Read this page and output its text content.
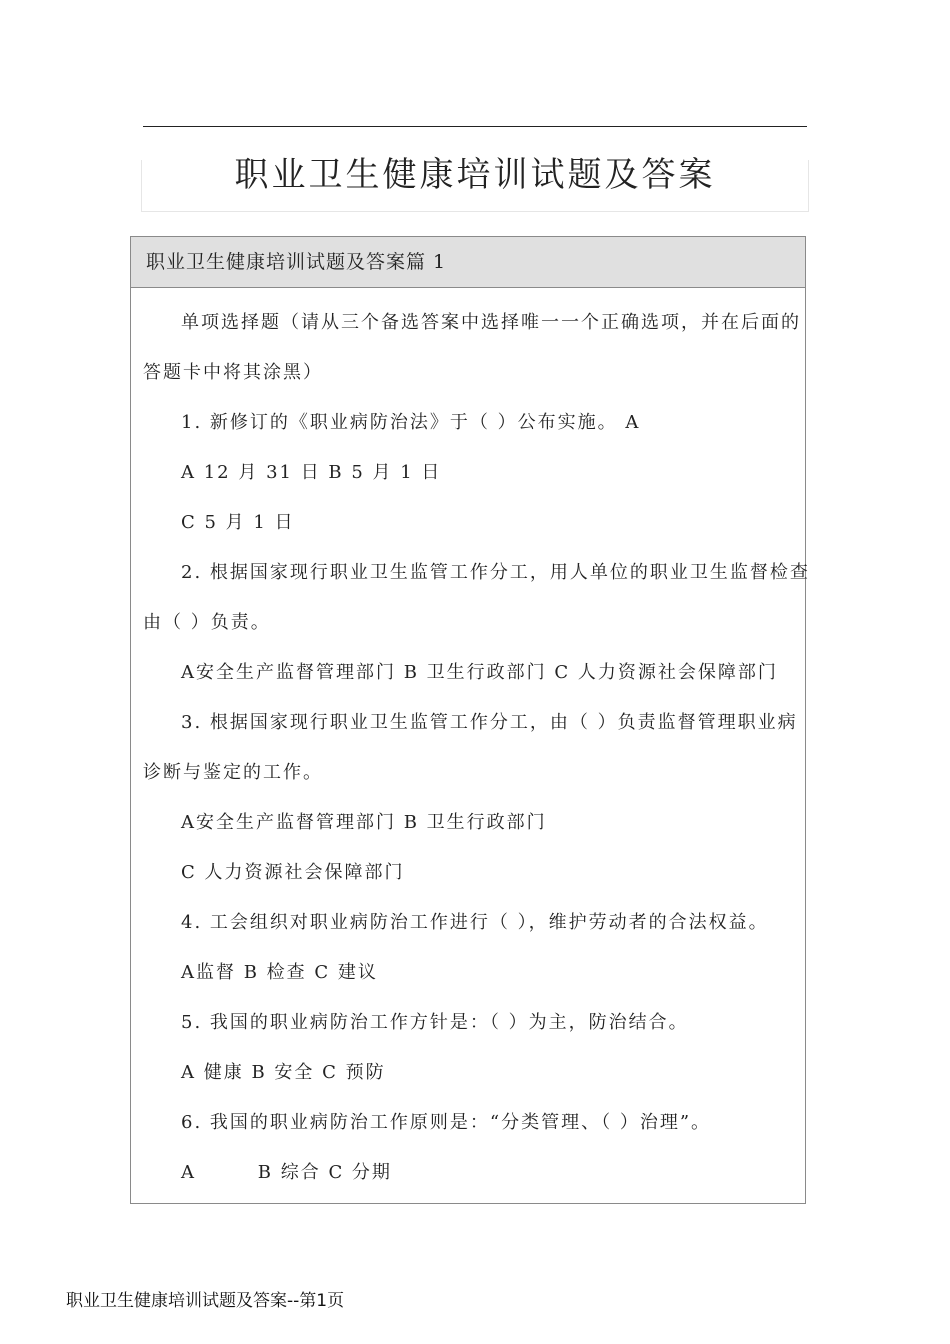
职业卫生健康培训试题及答案
职业卫生健康培训试题及答案篇 1
单项选择题（请从三个备选答案中选择唯一一个正确选项，并在后面的
答题卡中将其涂黑）
1. 新修订的《职业病防治法》于（ ）公布实施。 A
A 12 月 31 日 B 5 月 1 日
C 5 月 1 日
2. 根据国家现行职业卫生监管工作分工，用人单位的职业卫生监督检查
由（ ）负责。
A安全生产监督管理部门 B 卫生行政部门 C 人力资源社会保障部门
3. 根据国家现行职业卫生监管工作分工，由（ ）负责监督管理职业病
诊断与鉴定的工作。
A安全生产监督管理部门 B 卫生行政部门
C 人力资源社会保障部门
4. 工会组织对职业病防治工作进行（ ），维护劳动者的合法权益。
A监督 B 检查 C 建议
5. 我国的职业病防治工作方针是：（ ）为主，防治结合。
A 健康 B 安全 C 预防
6. 我国的职业病防治工作原则是：“分类管理、（ ）治理”。
A        B 综合 C 分期
职业卫生健康培训试题及答案--第1页
